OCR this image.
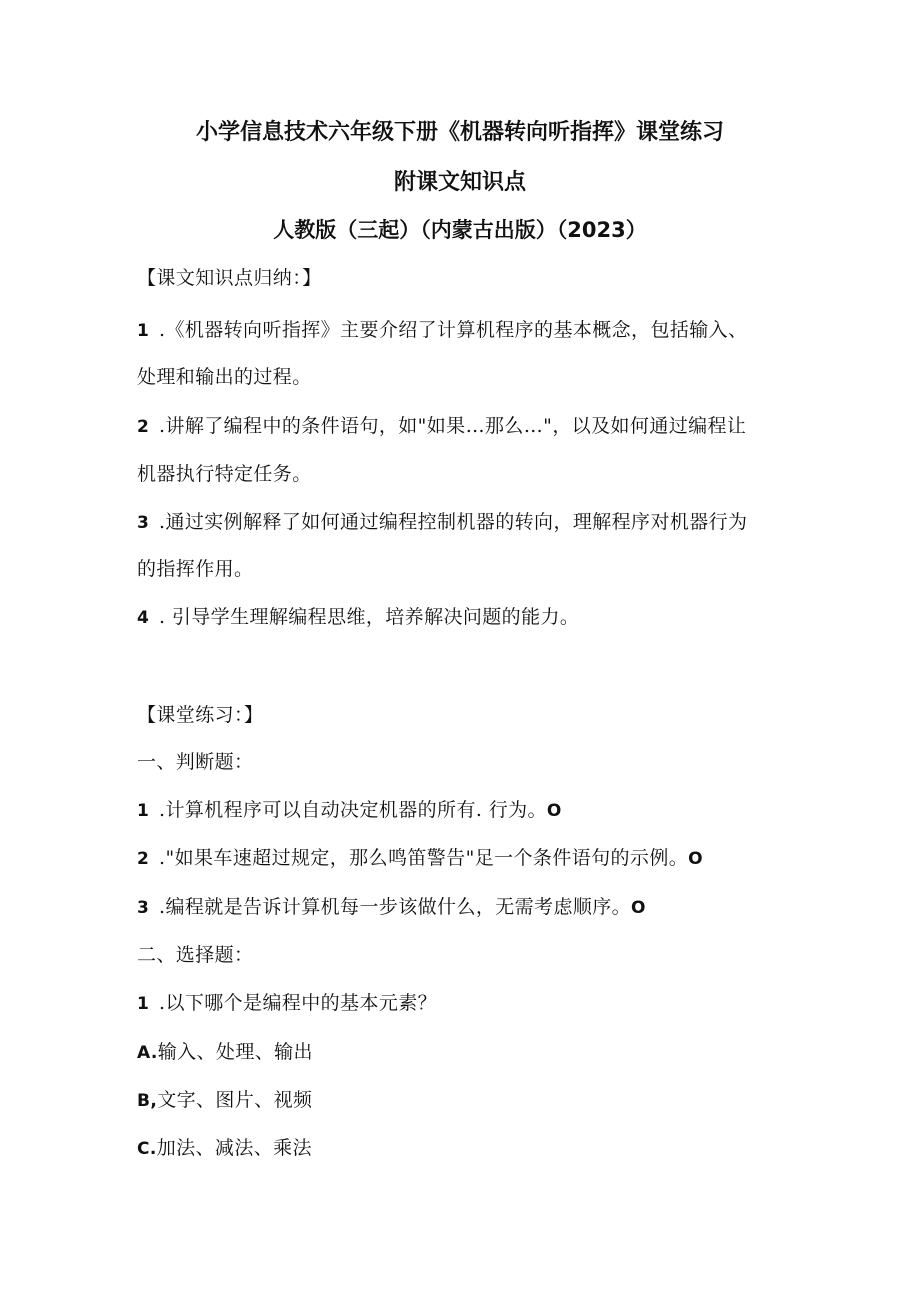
小学信息技术六年级下册《机器转向听指挥》课堂练习
附课文知识点
人教版（三起）（内蒙古出版）（2023）
【课文知识点归纳：】
1 .《机器转向听指挥》主要介绍了计算机程序的基本概念，包括输入、
处理和输出的过程。
2 .讲解了编程中的条件语句，如"如果…那么…"，以及如何通过编程让
机器执行特定任务。
3 .通过实例解释了如何通过编程控制机器的转向，理解程序对机器行为
的指挥作用。
4 . 引导学生理解编程思维，培养解决问题的能力。
【课堂练习：】
一、判断题：
1 .计算机程序可以自动决定机器的所有. 行为。O
2 ."如果车速超过规定，那么鸣笛警告"足一个条件语句的示例。O
3 .编程就是告诉计算机每一步该做什么，无需考虑顺序。O
二、选择题：
1 .以下哪个是编程中的基本元素？
A.输入、处理、输出
B,文字、图片、视频
C.加法、减法、乘法
